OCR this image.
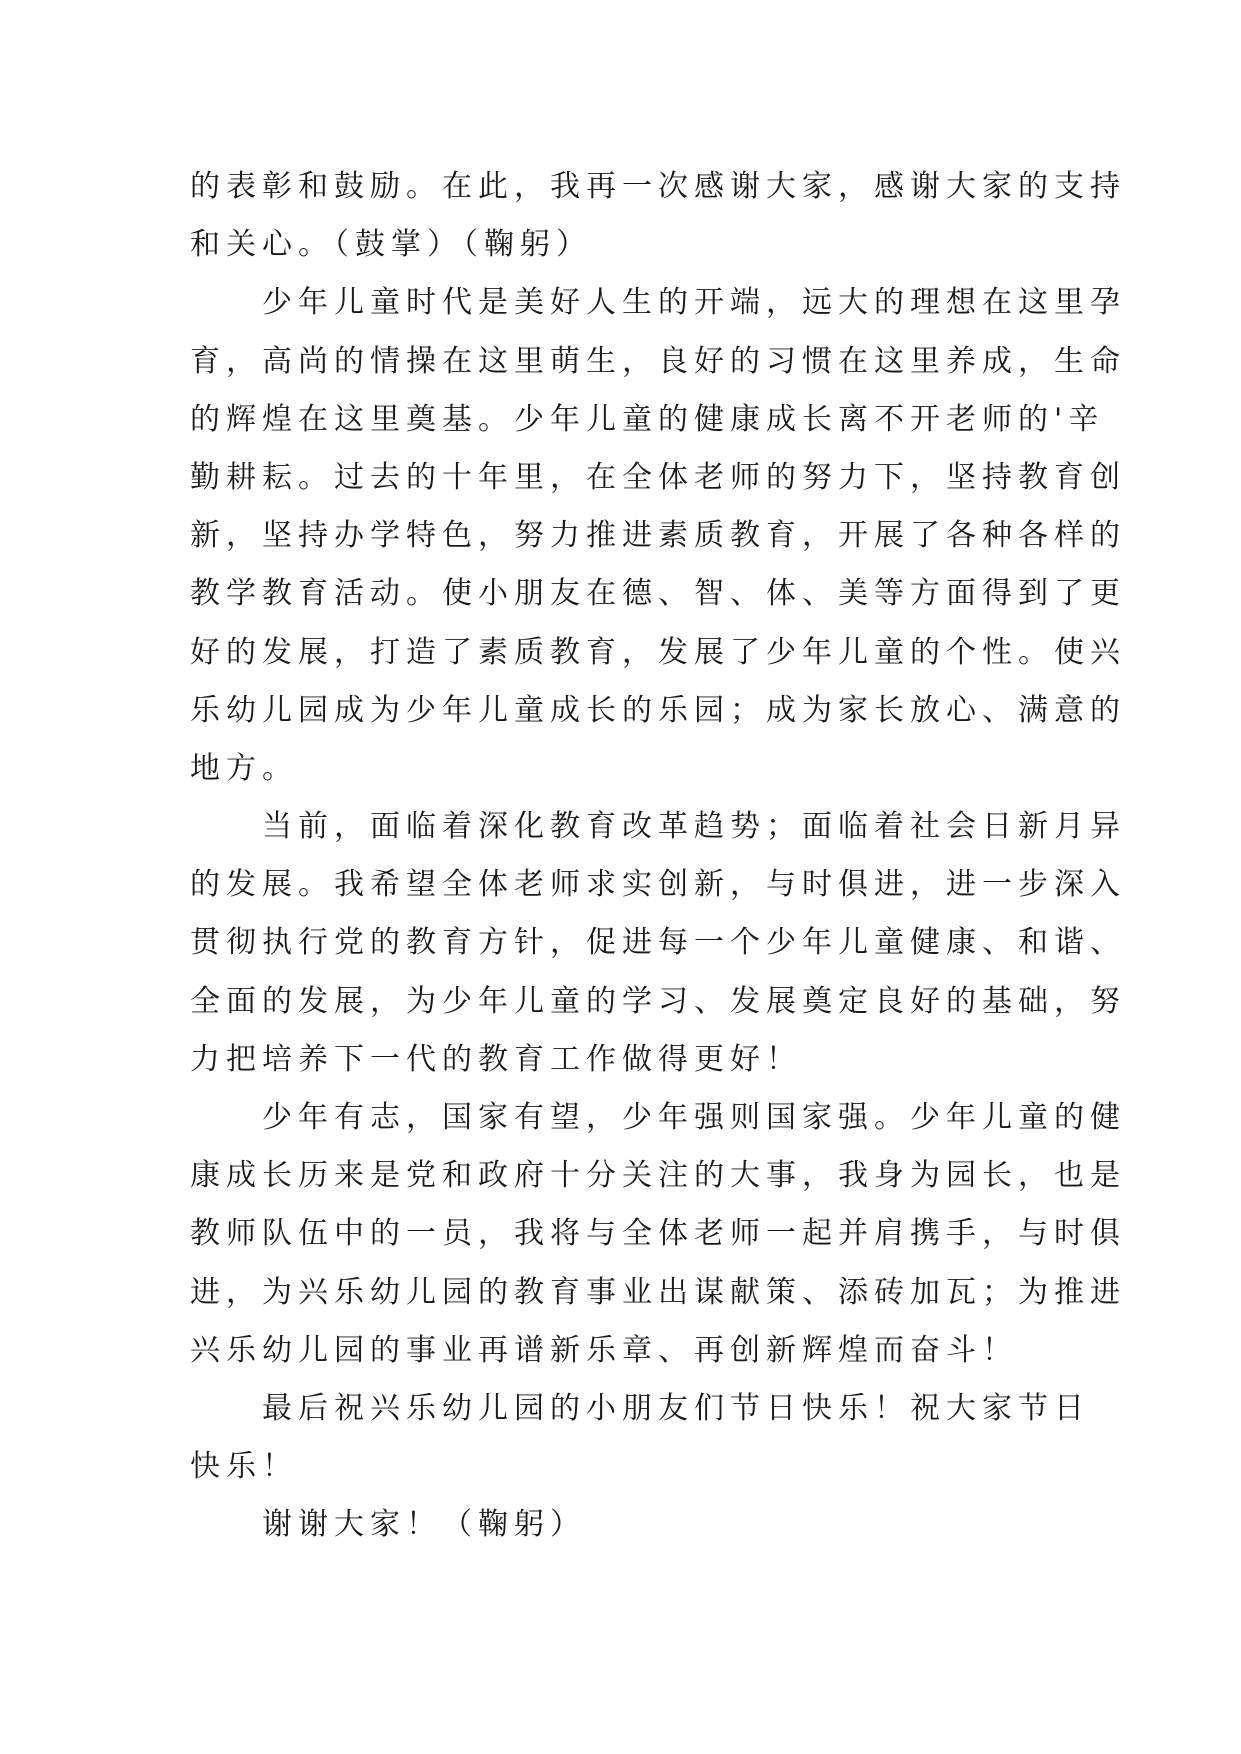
的表彰和鼓励。在此，我再一次感谢大家，感谢大家的支持
和关心。（鼓掌）（鞠躬）
少年儿童时代是美好人生的开端，远大的理想在这里孕
育，高尚的情操在这里萌生，良好的习惯在这里养成，生命
的辉煌在这里奠基。少年儿童的健康成长离不开老师的'辛
勤耕耘。过去的十年里，在全体老师的努力下，坚持教育创
新，坚持办学特色，努力推进素质教育，开展了各种各样的
教学教育活动。使小朋友在德、智、体、美等方面得到了更
好的发展，打造了素质教育，发展了少年儿童的个性。使兴
乐幼儿园成为少年儿童成长的乐园；成为家长放心、满意的
地方。
当前，面临着深化教育改革趋势；面临着社会日新月异
的发展。我希望全体老师求实创新，与时俱进，进一步深入
贯彻执行党的教育方针，促进每一个少年儿童健康、和谐、
全面的发展，为少年儿童的学习、发展奠定良好的基础，努
力把培养下一代的教育工作做得更好！
少年有志，国家有望，少年强则国家强。少年儿童的健
康成长历来是党和政府十分关注的大事，我身为园长，也是
教师队伍中的一员，我将与全体老师一起并肩携手，与时俱
进，为兴乐幼儿园的教育事业出谋献策、添砖加瓦；为推进
兴乐幼儿园的事业再谱新乐章、再创新辉煌而奋斗！
最后祝兴乐幼儿园的小朋友们节日快乐！祝大家节日
快乐！
谢谢大家！（鞠躬）
